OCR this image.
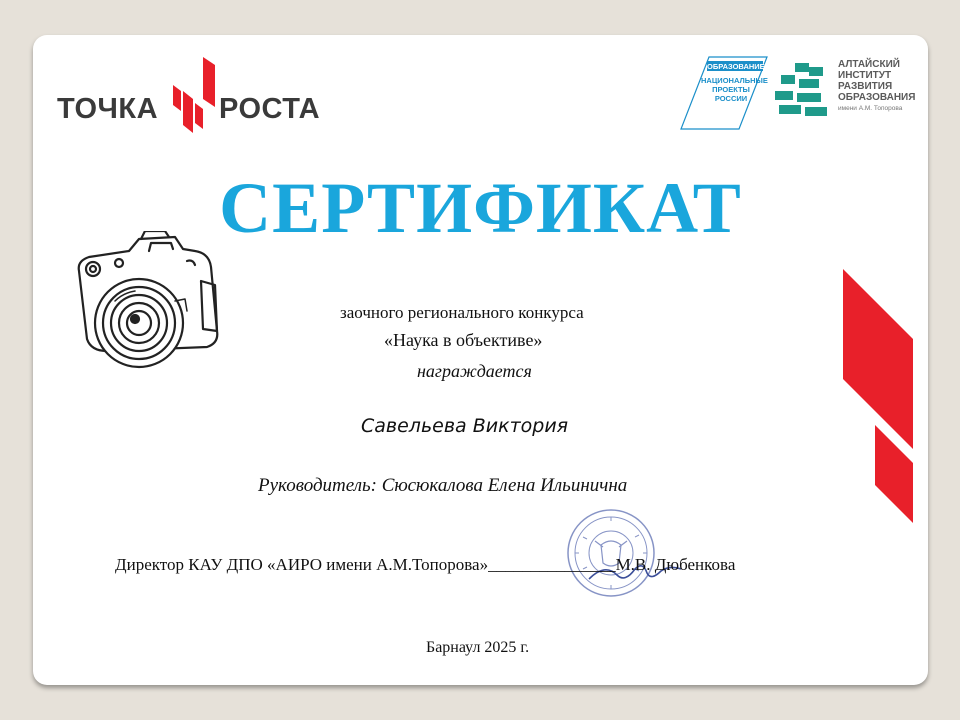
ТОЧКА РОСТА
ОБРАЗОВАНИЕ
НАЦИОНАЛЬНЫЕ
ПРОЕКТЫ
РОССИИ
АЛТАЙСКИЙ
ИНСТИТУТ
РАЗВИТИЯ
ОБРАЗОВАНИЯ
имени А.М. Топорова
СЕРТИФИКАТ
заочного регионального конкурса
«Наука в объективе»
награждается
Савельева Виктория
Руководитель: Сюсюкалова Елена Ильинична
Директор КАУ ДПО «АИРО имени А.М.Топорова»_______________М.В. Дюбенкова
Барнаул 2025 г.
